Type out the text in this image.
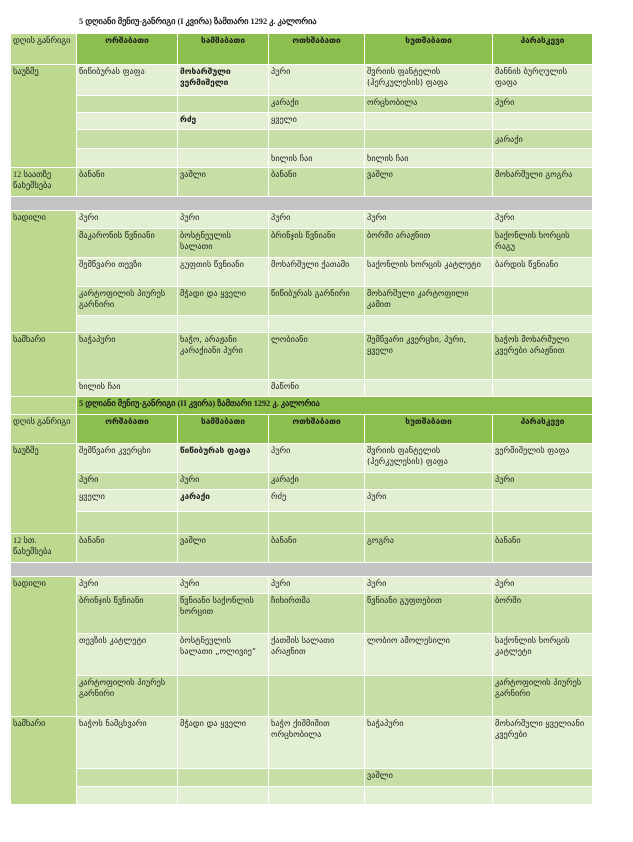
	5 დღიანი მენიუ-განრიგი (I კვირა) ზამთარი 1292 კ. კალორია				
დღის განრიგი	ორშაბათი	სამშაბათი	ოთხშაბათი	ხუთშაბათი	პარასკევი
საუზმე	წიწიბურას ფაფა	მოხარშული ვერმიშელი	პური	შვრიის ფანტელის (ჰერკულესის) ფაფა	მანნის ბურღულის ფაფა
			კარაქი	ორცხობილა	პური
		რძე	ყველი		
					კარაქი
			ხილის ჩაი	ხილის ჩაი	
12 საათზე წახემსება	ბანანი	ვაშლი	ბანანი	ვაშლი	მოხარშული გოგრა

სადილი	პური	პური	პური	პური	პური
	მაკარონის წვნიანი	ბოსტნეულის სალათი	ბრინჯის წვნიანი	ბორში არაჟნით	საქონლის ხორცის რაგუ
	შემწვარი თევზი	გუფთის წვნიანი	მოხარშული ქათამი	საქონლის ხორცის კატლეტი	ბარდის წვნიანი
	კარტოფილის პიურეს გარნირი	მჭადი და ყველი	წიწიბურას გარნირი	მოხარშული კარტოფილი კამით	

სამხარი	ხაჭაპური	ხაჭო, არაჟანი კარაქიანი პური	ლობიანი	შემწვარი კვერცხი, პური, ყველი	ხაჭოს მოხარშული კვერები არაჟნით
	ხილის ჩაი		მაწონი		
	5 დღიანი მენიუ-განრიგი (II კვირა) ზამთარი 1292 კ. კალორია				
დღის განრიგი	ორშაბათი	სამშაბათი	ოთხშაბათი	ხუთშაბათი	პარასკევი
საუზმე	შემწვარი კვერცხი	წიწიბურას ფაფა	პური	შვრიის ფანტელის (ჰერკულესის) ფაფა	ვერმიშელის ფაფა
	პური	პური	კარაქი		პური
	ყველი	კარაქი	რძე	პური	

12 სთ. წახემსება	ბანანი	ვაშლი	ბანანი	გოგრა	ბანანი

სადილი	პური	პური	პური	პური	პური
	ბრინჯის წვნიანი	წვნიანი საქონლის ხორცით	ჩიხირთმა	წვნიანი გუფთებით	ბორში
	თევზის კატლეტი	ბოსტნეულის სალათი „ოლივიე“	ქათმის სალათი არაჟნით	ლობიო ამოლესილი	საქონლის ხორცის კატლეტი
	კარტოფილის პიურეს გარნირი				კარტოფილის პიურეს გარნირი
სამხარი	ხაჭოს ნამცხვარი	მჭადი და ყველი	ხაჭო ქიშმიშით ორცხობილა	ხაჭაპური	მოხარშული ყველიანი კვერები
				ვაშლი	
